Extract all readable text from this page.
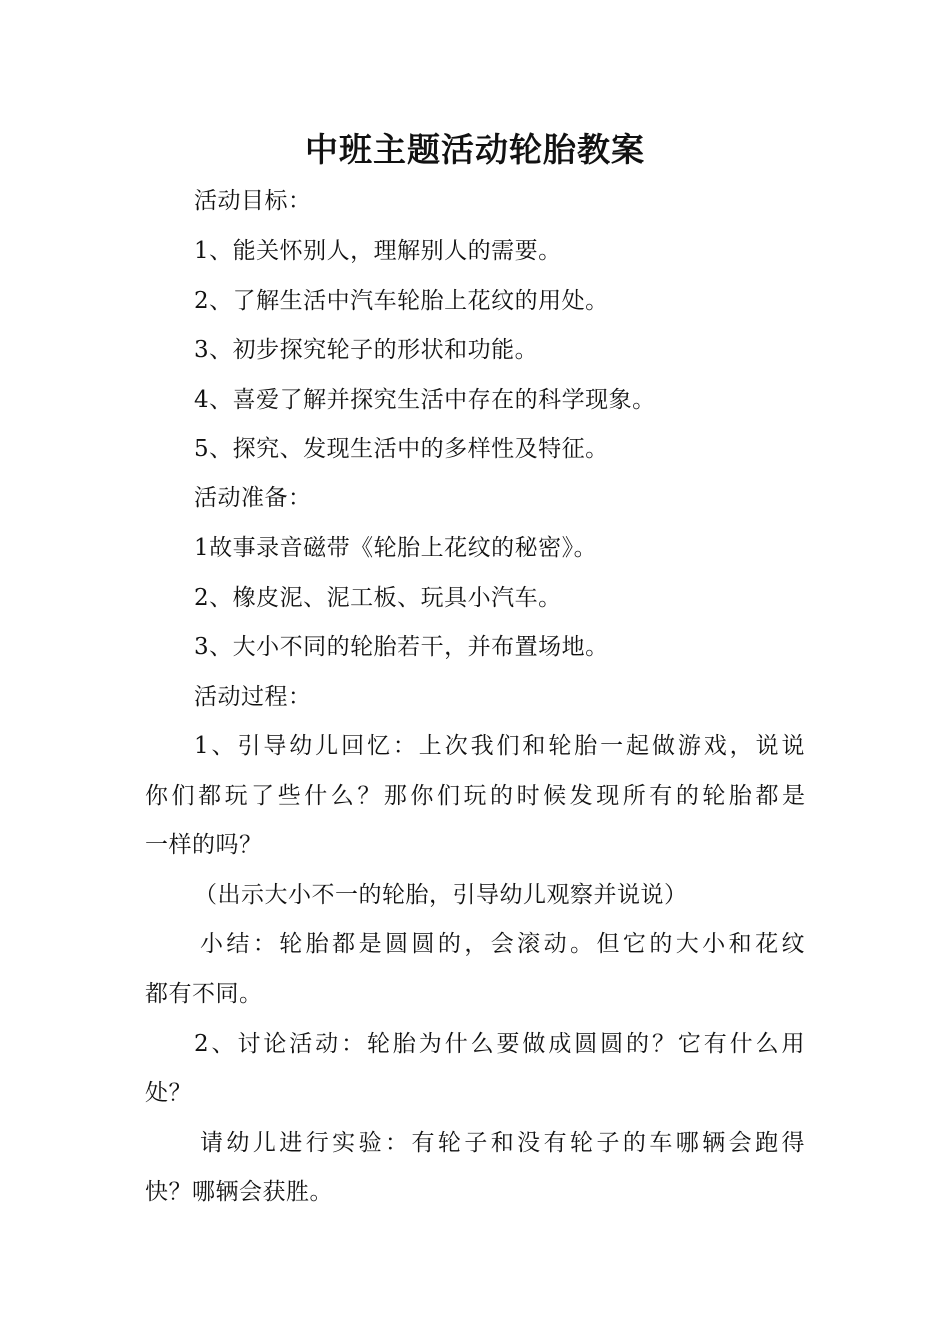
中班主题活动轮胎教案
活动目标：
1、能关怀别人，理解别人的需要。
2、了解生活中汽车轮胎上花纹的用处。
3、初步探究轮子的形状和功能。
4、喜爱了解并探究生活中存在的科学现象。
5、探究、发现生活中的多样性及特征。
活动准备：
1故事录音磁带《轮胎上花纹的秘密》。
2、橡皮泥、泥工板、玩具小汽车。
3、大小不同的轮胎若干，并布置场地。
活动过程：
1、引导幼儿回忆：上次我们和轮胎一起做游戏，说说
你们都玩了些什么？那你们玩的时候发现所有的轮胎都是
一样的吗？
（出示大小不一的轮胎，引导幼儿观察并说说）
小结：轮胎都是圆圆的，会滚动。但它的大小和花纹
都有不同。
2、讨论活动：轮胎为什么要做成圆圆的？它有什么用
处？
请幼儿进行实验：有轮子和没有轮子的车哪辆会跑得
快？哪辆会获胜。
